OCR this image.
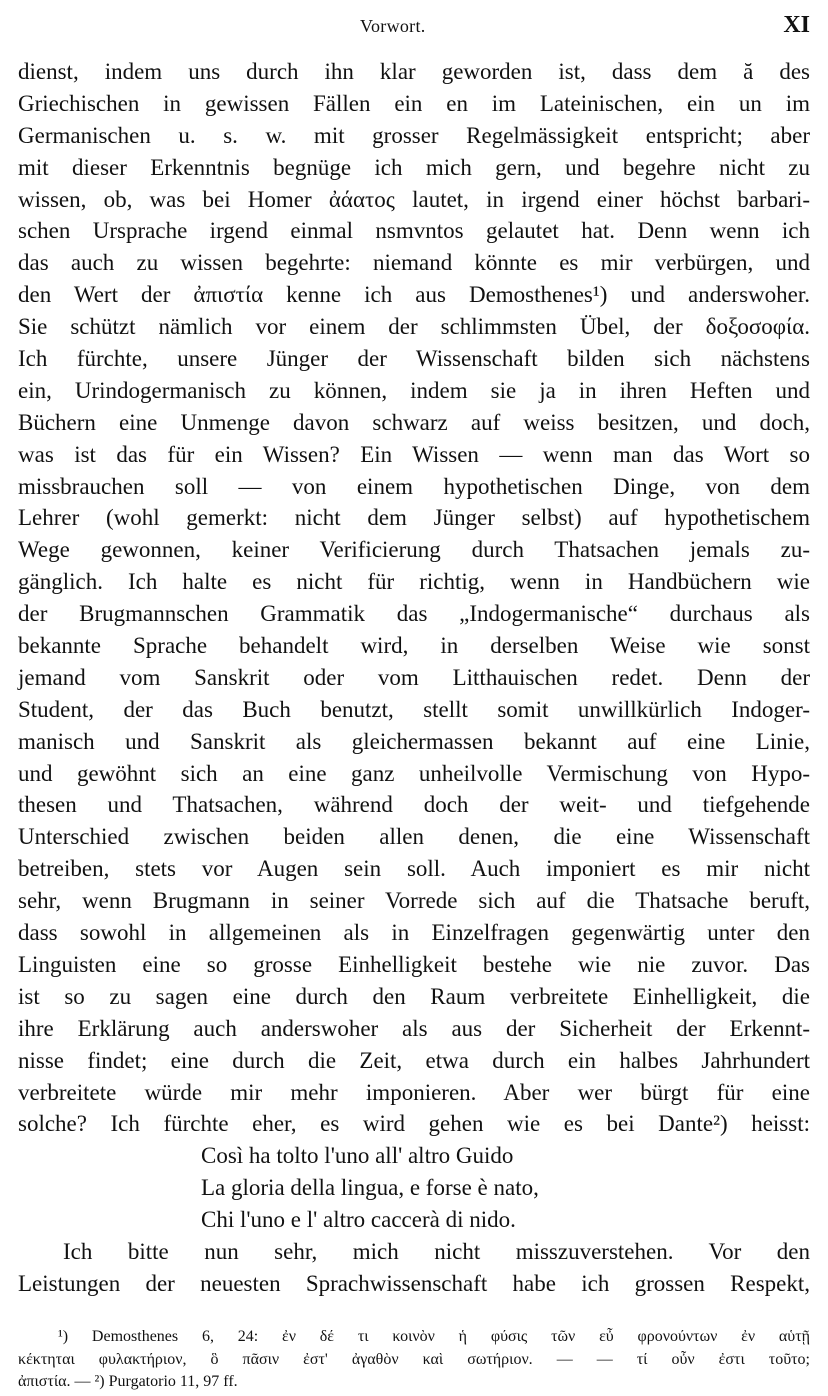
Vorwort.	XI
dienst, indem uns durch ihn klar geworden ist, dass dem ă des
Griechischen in gewissen Fällen ein en im Lateinischen, ein un im
Germanischen u. s. w. mit grosser Regelmässigkeit entspricht; aber
mit dieser Erkenntnis begnüge ich mich gern, und begehre nicht zu
wissen, ob, was bei Homer ἀάατος lautet, in irgend einer höchst barbari-
schen Ursprache irgend einmal nsmvntos gelautet hat. Denn wenn ich
das auch zu wissen begehrte: niemand könnte es mir verbürgen, und
den Wert der ἀπιστία kenne ich aus Demosthenes¹) und anderswoher.
Sie schützt nämlich vor einem der schlimmsten Übel, der δοξοσοφία.
Ich fürchte, unsere Jünger der Wissenschaft bilden sich nächstens
ein, Urindogermanisch zu können, indem sie ja in ihren Heften und
Büchern eine Unmenge davon schwarz auf weiss besitzen, und doch,
was ist das für ein Wissen? Ein Wissen — wenn man das Wort so
missbrauchen soll — von einem hypothetischen Dinge, von dem
Lehrer (wohl gemerkt: nicht dem Jünger selbst) auf hypothetischem
Wege gewonnen, keiner Verificierung durch Thatsachen jemals zu-
gänglich. Ich halte es nicht für richtig, wenn in Handbüchern wie
der Brugmannschen Grammatik das „Indogermanische“ durchaus als
bekannte Sprache behandelt wird, in derselben Weise wie sonst
jemand vom Sanskrit oder vom Litthauischen redet. Denn der
Student, der das Buch benutzt, stellt somit unwillkürlich Indoger-
manisch und Sanskrit als gleichermassen bekannt auf eine Linie,
und gewöhnt sich an eine ganz unheilvolle Vermischung von Hypo-
thesen und Thatsachen, während doch der weit- und tiefgehende
Unterschied zwischen beiden allen denen, die eine Wissenschaft
betreiben, stets vor Augen sein soll. Auch imponiert es mir nicht
sehr, wenn Brugmann in seiner Vorrede sich auf die Thatsache beruft,
dass sowohl in allgemeinen als in Einzelfragen gegenwärtig unter den
Linguisten eine so grosse Einhelligkeit bestehe wie nie zuvor. Das
ist so zu sagen eine durch den Raum verbreitete Einhelligkeit, die
ihre Erklärung auch anderswoher als aus der Sicherheit der Erkennt-
nisse findet; eine durch die Zeit, etwa durch ein halbes Jahrhundert
verbreitete würde mir mehr imponieren. Aber wer bürgt für eine
solche? Ich fürchte eher, es wird gehen wie es bei Dante²) heisst:
Così ha tolto l'uno all' altro Guido
La gloria della lingua, e forse è nato,
Chi l'uno e l' altro caccerà di nido.
Ich bitte nun sehr, mich nicht misszuverstehen. Vor den
Leistungen der neuesten Sprachwissenschaft habe ich grossen Respekt,
¹) Demosthenes 6, 24: ἐν δέ τι κοινὸν ἡ φύσις τῶν εὖ φρονούντων ἐν αὑτῇ
κέκτηται φυλακτήριον, ὃ πᾶσιν ἐστ' ἀγαθὸν καὶ σωτήριον. — — τί οὖν ἐστι τοῦτο;
ἀπιστία. — ²) Purgatorio 11, 97 ff.
